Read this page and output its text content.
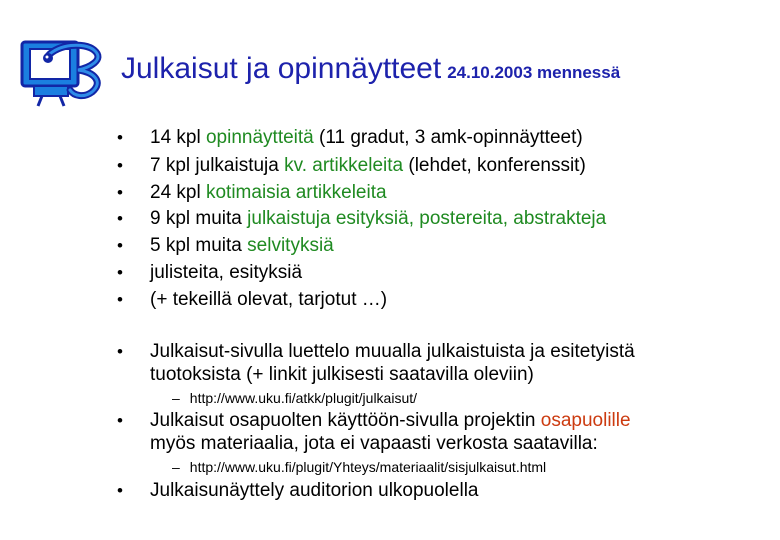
Julkaisut ja opinnäytteet 24.10.2003 mennessä
• 14 kpl opinnäytteitä (11 gradut, 3 amk-opinnäytteet)
• 7 kpl julkaistuja kv. artikkeleita (lehdet, konferenssit)
• 24 kpl kotimaisia artikkeleita
• 9 kpl muita julkaistuja esityksiä, postereita, abstrakteja
• 5 kpl muita selvityksiä
• julisteita, esityksiä
• (+ tekeillä olevat, tarjotut …)
• Julkaisut-sivulla luettelo muualla julkaistuista ja esitetyistä
tuotoksista (+ linkit julkisesti saatavilla oleviin)
– http://www.uku.fi/atkk/plugit/julkaisut/
• Julkaisut osapuolten käyttöön-sivulla projektin osapuolille
myös materiaalia, jota ei vapaasti verkosta saatavilla:
– http://www.uku.fi/plugit/Yhteys/materiaalit/sisjulkaisut.html
• Julkaisunäyttely auditorion ulkopuolella
